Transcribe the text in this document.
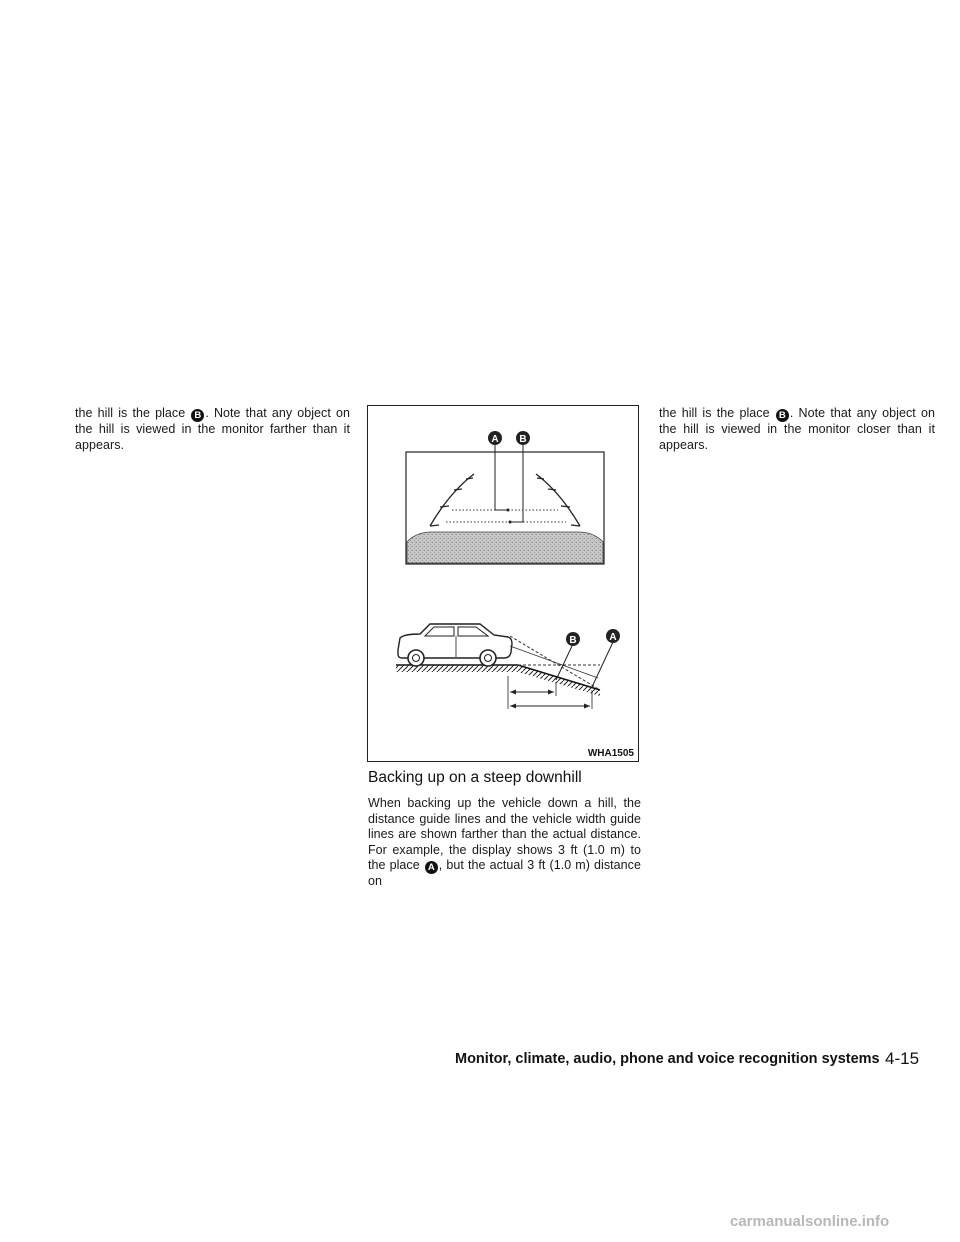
the hill is the place B . Note that any object on the hill is viewed in the monitor farther than it appears.	A B
B	A
WHA1505
Backing up on a steep downhill
When backing up the vehicle down a hill, the distance guide lines and the vehicle width guide lines are shown farther than the actual distance. For example, the display shows 3 ft (1.0 m) to the place A , but the actual 3 ft (1.0 m) distance on
the hill is the place B . Note that any object on the hill is viewed in the monitor closer than it appears.
Monitor, climate, audio, phone and voice recognition systems 4-15
carmanualsonline.info
